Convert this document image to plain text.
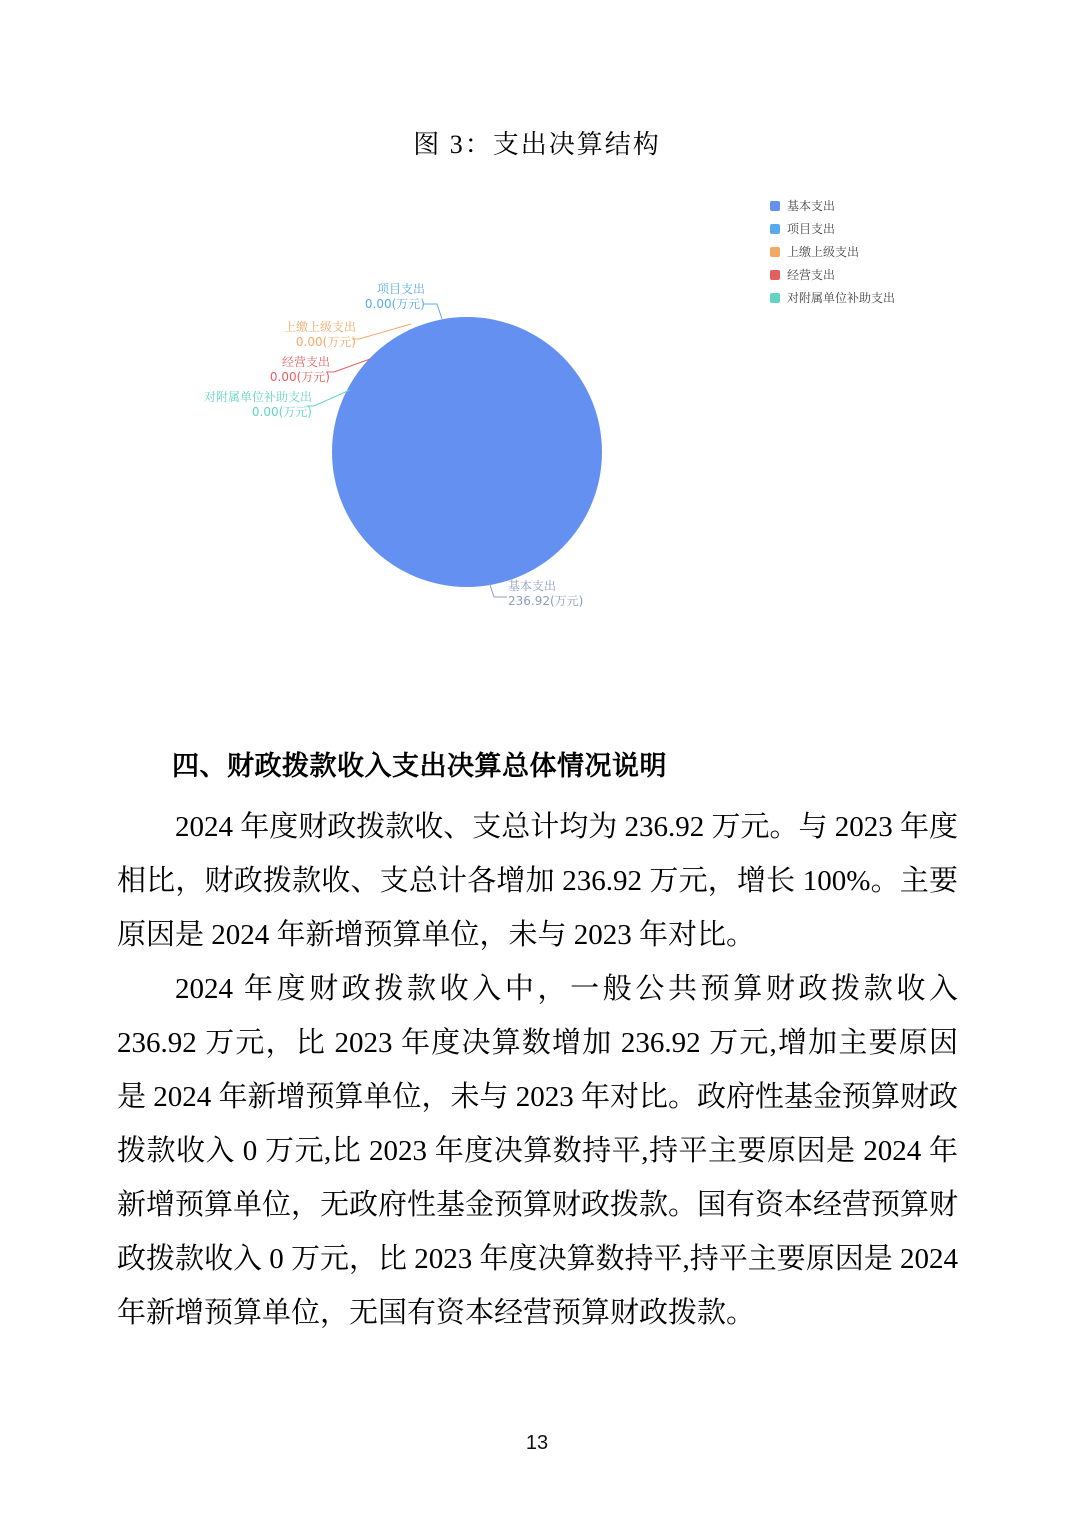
图 3：支出决算结构
基本支出
项目支出
上缴上级支出
经营支出
对附属单位补助支出
项目支出
0.00(万元)
上缴上级支出
0.00(万元)
经营支出
0.00(万元)
对附属单位补助支出
0.00(万元)
基本支出
236.92(万元)
四、财政拨款收入支出决算总体情况说明
2024 年度财政拨款收、支总计均为 236.92 万元。与 2023 年度
相比，财政拨款收、支总计各增加 236.92 万元，增长 100%。主要
原因是 2024 年新增预算单位，未与 2023 年对比。
2024 年度财政拨款收入中，一般公共预算财政拨款收入
236.92 万元，比 2023 年度决算数增加 236.92 万元,增加主要原因
是 2024 年新增预算单位，未与 2023 年对比。政府性基金预算财政
拨款收入 0 万元,比 2023 年度决算数持平,持平主要原因是 2024 年
新增预算单位，无政府性基金预算财政拨款。国有资本经营预算财
政拨款收入 0 万元，比 2023 年度决算数持平,持平主要原因是 2024
年新增预算单位，无国有资本经营预算财政拨款。
13
